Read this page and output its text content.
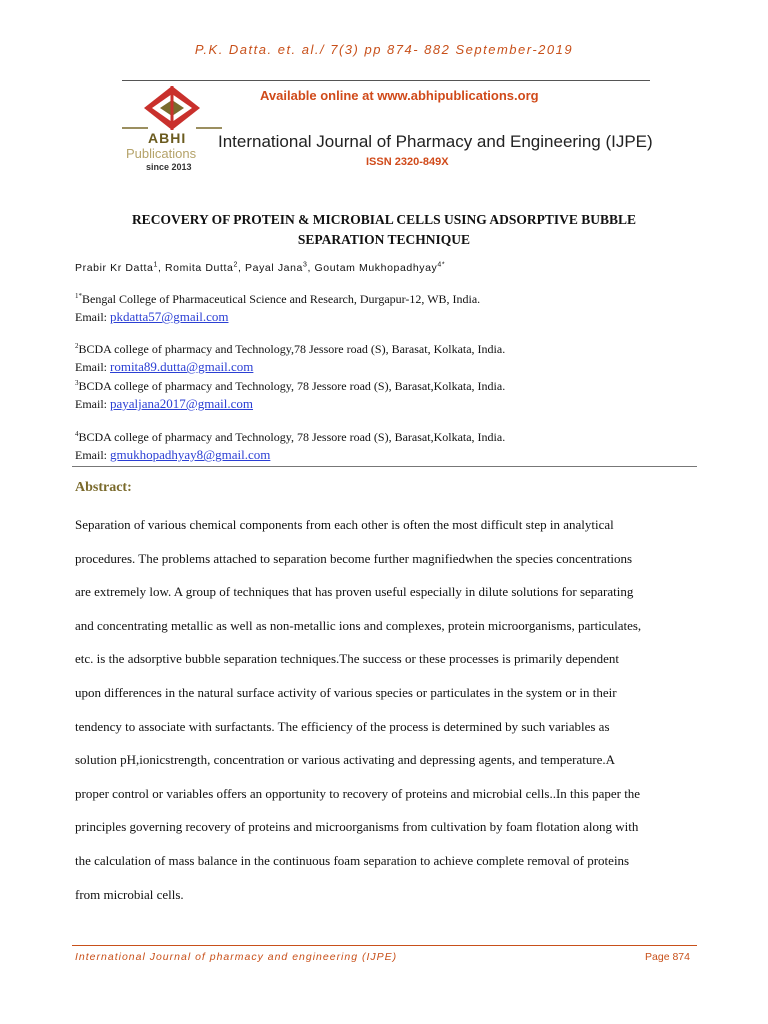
P.K. Datta. et. al./ 7(3) pp 874- 882 September-2019
ABHI
Publications
since 2013
Available online at www.abhipublications.org
International Journal of Pharmacy and Engineering (IJPE)
ISSN 2320-849X
RECOVERY OF PROTEIN & MICROBIAL CELLS USING ADSORPTIVE BUBBLE
SEPARATION TECHNIQUE
Prabir Kr Datta$^1$, Romita Dutta$^2$, Payal Jana$^3$, Goutam Mukhopadhyay$^{4*}$
$^{1*}$Bengal College of Pharmaceutical Science and Research, Durgapur-12, WB, India.
Email: pkdatta57@gmail.com
$^2$BCDA college of pharmacy and Technology,78 Jessore road (S), Barasat, Kolkata, India.
Email: romita89.dutta@gmail.com
$^3$BCDA college of pharmacy and Technology, 78 Jessore road (S), Barasat,Kolkata, India.
Email: payaljana2017@gmail.com
$^4$BCDA college of pharmacy and Technology, 78 Jessore road (S), Barasat,Kolkata, India.
Email: gmukhopadhyay8@gmail.com
Abstract:
Separation of various chemical components from each other is often the most difficult step in analytical
procedures. The problems attached to separation become further magnifiedwhen the species concentrations
are extremely low. A group of techniques that has proven useful especially in dilute solutions for separating
and concentrating metallic as well as non-metallic ions and complexes, protein microorganisms, particulates,
etc. is the adsorptive bubble separation techniques.The success or these processes is primarily dependent
upon differences in the natural surface activity of various species or particulates in the system or in their
tendency to associate with surfactants. The efficiency of the process is determined by such variables as
solution pH,ionicstrength, concentration or various activating and depressing agents, and temperature.A
proper control or variables offers an opportunity to recovery of proteins and microbial cells..In this paper the
principles governing recovery of proteins and microorganisms from cultivation by foam flotation along with
the calculation of mass balance in the continuous foam separation to achieve complete removal of proteins
from microbial cells.
International Journal of pharmacy and engineering (IJPE)	Page 874
